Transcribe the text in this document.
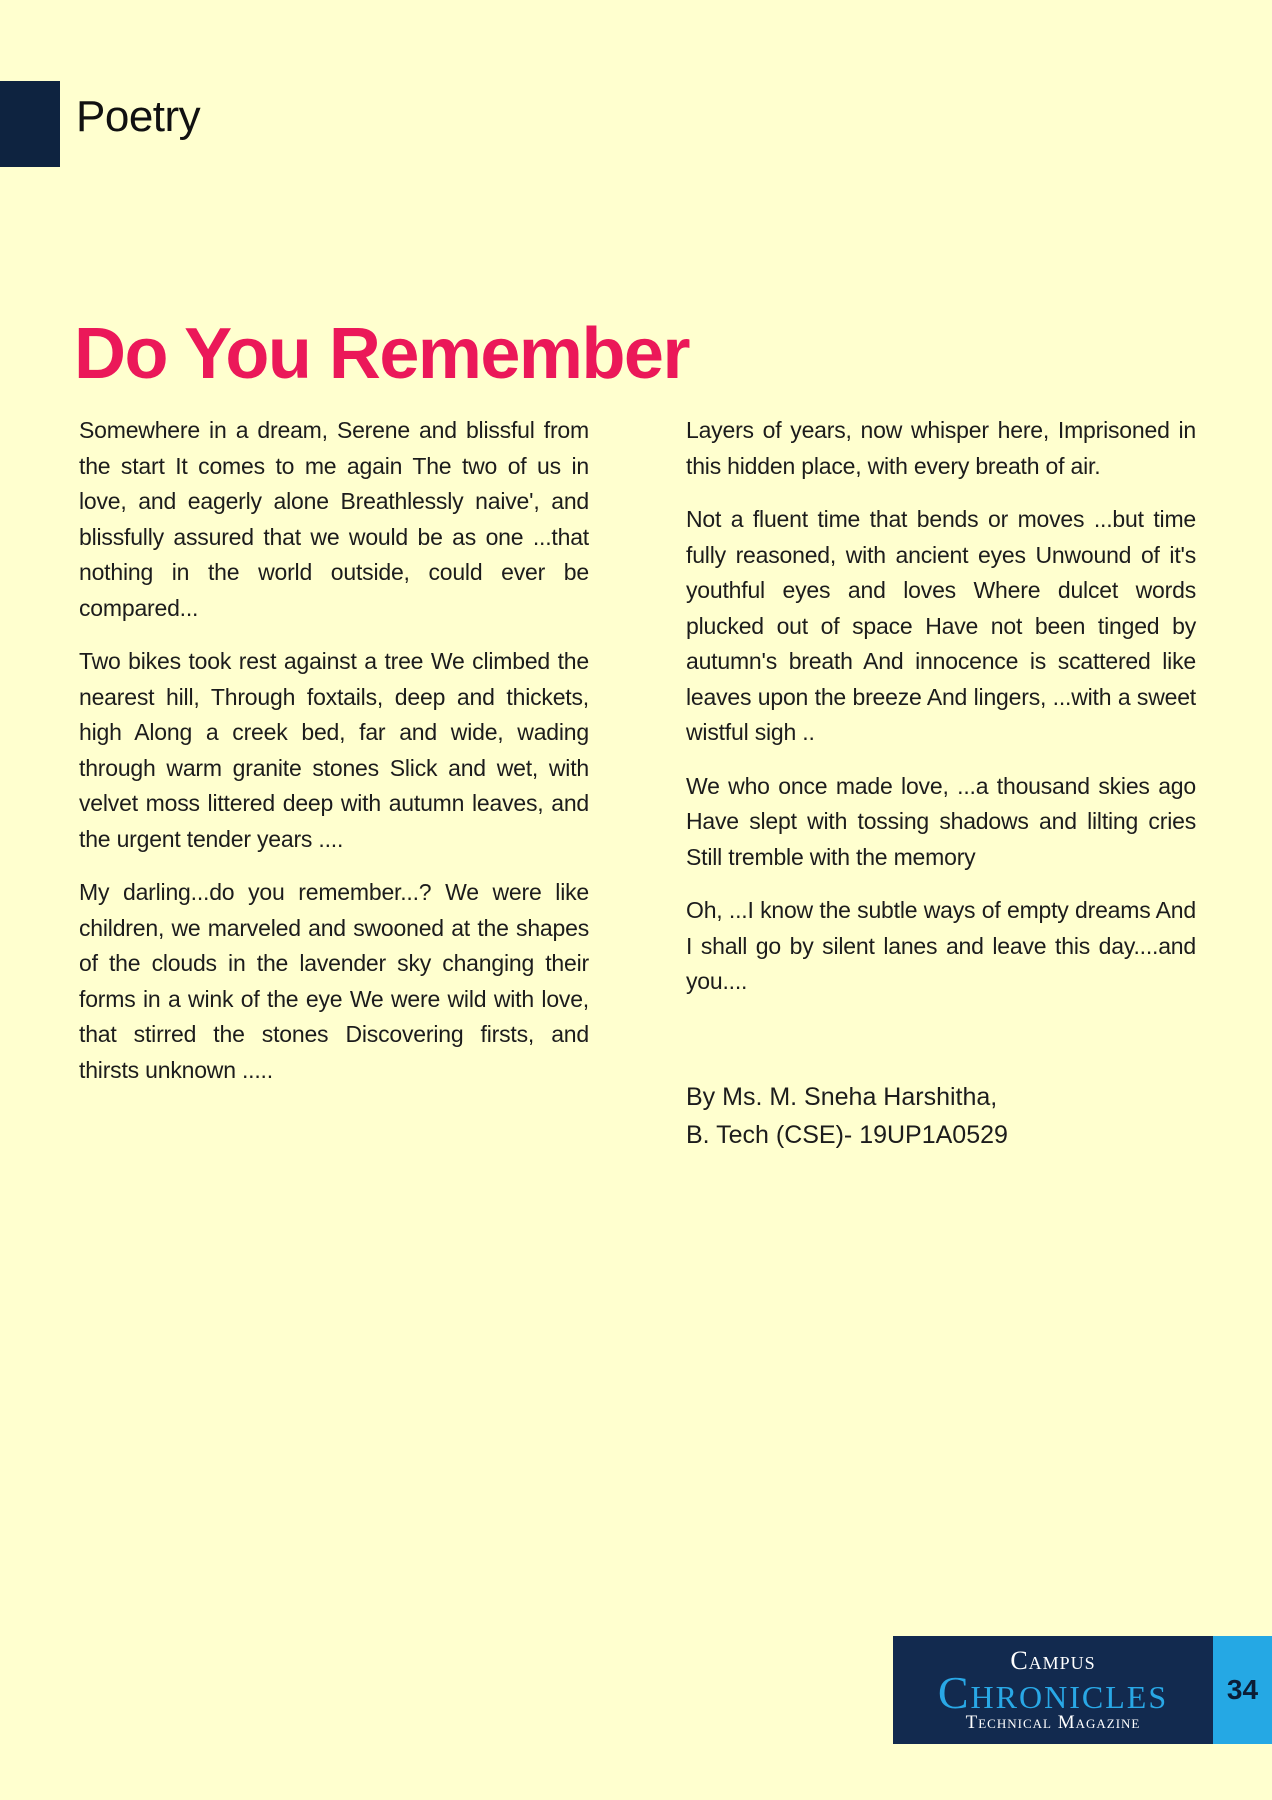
Poetry
Do You Remember

Somewhere in a dream, Serene and blissful from the start It comes to me again The two of us in love, and eagerly alone Breathlessly naive', and blissfully assured that we would be as one ...that nothing in the world outside, could ever be compared...

Two bikes took rest against a tree We climbed the nearest hill, Through foxtails, deep and thickets, high Along a creek bed, far and wide, wading through warm granite stones Slick and wet, with velvet moss littered deep with autumn leaves, and the urgent tender years ....

My darling...do you remember...? We were like children, we marveled and swooned at the shapes of the clouds in the lavender sky changing their forms in a wink of the eye We were wild with love, that stirred the stones Discovering firsts, and thirsts unknown .....

Layers of years, now whisper here, Imprisoned in this hidden place, with every breath of air.

Not a fluent time that bends or moves ...but time fully reasoned, with ancient eyes Unwound of it's youthful eyes and loves Where dulcet words plucked out of space Have not been tinged by autumn's breath And innocence is scattered like leaves upon the breeze And lingers, ...with a sweet wistful sigh ..

We who once made love, ...a thousand skies ago Have slept with tossing shadows and lilting cries Still tremble with the memory

Oh, ...I know the subtle ways of empty dreams And I shall go by silent lanes and leave this day....and you....

By Ms. M. Sneha Harshitha,
B. Tech (CSE)- 19UP1A0529
Campus
Chronicles
Technical Magazine
34
